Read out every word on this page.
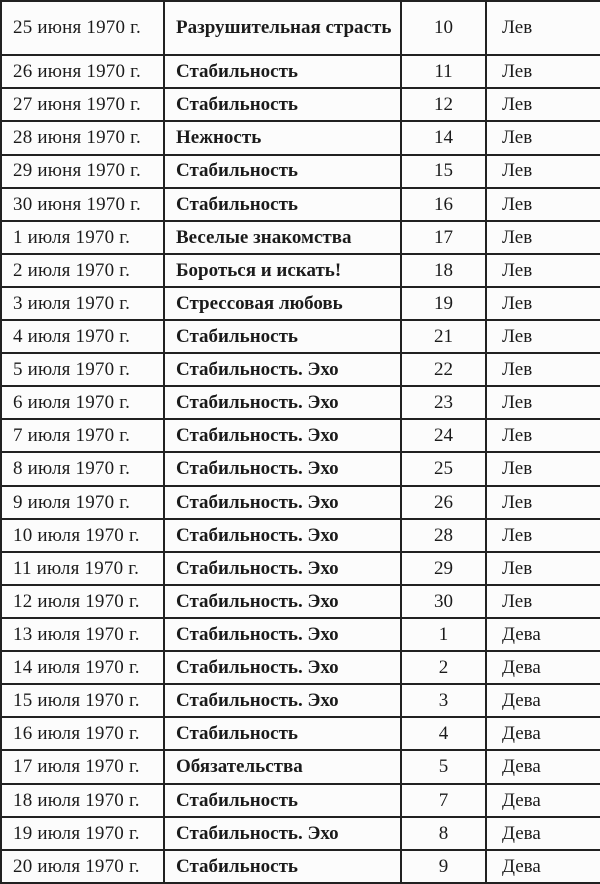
25 июня 1970 г.	Разрушительная страсть	10	Лев
26 июня 1970 г.	Стабильность	11	Лев
27 июня 1970 г.	Стабильность	12	Лев
28 июня 1970 г.	Нежность	14	Лев
29 июня 1970 г.	Стабильность	15	Лев
30 июня 1970 г.	Стабильность	16	Лев
1 июля 1970 г.	Веселые знакомства	17	Лев
2 июля 1970 г.	Бороться и искать!	18	Лев
3 июля 1970 г.	Стрессовая любовь	19	Лев
4 июля 1970 г.	Стабильность	21	Лев
5 июля 1970 г.	Стабильность. Эхо	22	Лев
6 июля 1970 г.	Стабильность. Эхо	23	Лев
7 июля 1970 г.	Стабильность. Эхо	24	Лев
8 июля 1970 г.	Стабильность. Эхо	25	Лев
9 июля 1970 г.	Стабильность. Эхо	26	Лев
10 июля 1970 г.	Стабильность. Эхо	28	Лев
11 июля 1970 г.	Стабильность. Эхо	29	Лев
12 июля 1970 г.	Стабильность. Эхо	30	Лев
13 июля 1970 г.	Стабильность. Эхо	1	Дева
14 июля 1970 г.	Стабильность. Эхо	2	Дева
15 июля 1970 г.	Стабильность. Эхо	3	Дева
16 июля 1970 г.	Стабильность	4	Дева
17 июля 1970 г.	Обязательства	5	Дева
18 июля 1970 г.	Стабильность	7	Дева
19 июля 1970 г.	Стабильность. Эхо	8	Дева
20 июля 1970 г.	Стабильность	9	Дева
